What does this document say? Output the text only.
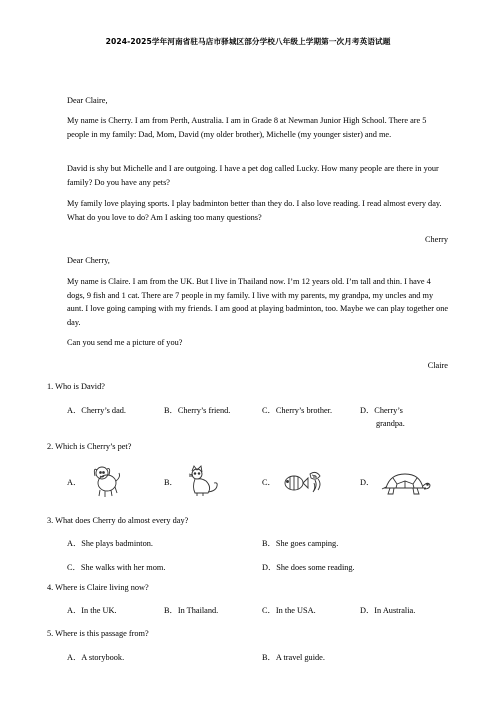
2024-2025学年河南省驻马店市驿城区部分学校八年级上学期第一次月考英语试题
Dear Claire,
My name is Cherry. I am from Perth, Australia. I am in Grade 8 at Newman Junior High School. There are 5 people in my family: Dad, Mom, David (my older brother), Michelle (my younger sister) and me.
David is shy but Michelle and I are outgoing. I have a pet dog called Lucky. How many people are there in your family? Do you have any pets?
My family love playing sports. I play badminton better than they do. I also love reading. I read almost every day. What do you love to do? Am I asking too many questions?
Cherry
Dear Cherry,
My name is Claire. I am from the UK. But I live in Thailand now. I’m 12 years old. I’m tall and thin. I have 4 dogs, 9 fish and 1 cat. There are 7 people in my family. I live with my parents, my grandpa, my uncles and my aunt. I love going camping with my friends. I am good at playing badminton, too. Maybe we can play together one day.
Can you send me a picture of you?
Claire
1. Who is David?
A．Cherry’s dad.	B．Cherry’s friend.	C．Cherry’s brother.	D．Cherry’s
grandpa.
2. Which is Cherry’s pet?
A．	B．	C．	D．
3. What does Cherry do almost every day?
A．She plays badminton.	B．She goes camping.
C．She walks with her mom.	D．She does some reading.
4. Where is Claire living now?
A．In the UK.	B．In Thailand.	C．In the USA.	D．In Australia.
5. Where is this passage from?
A．A storybook.	B．A travel guide.
